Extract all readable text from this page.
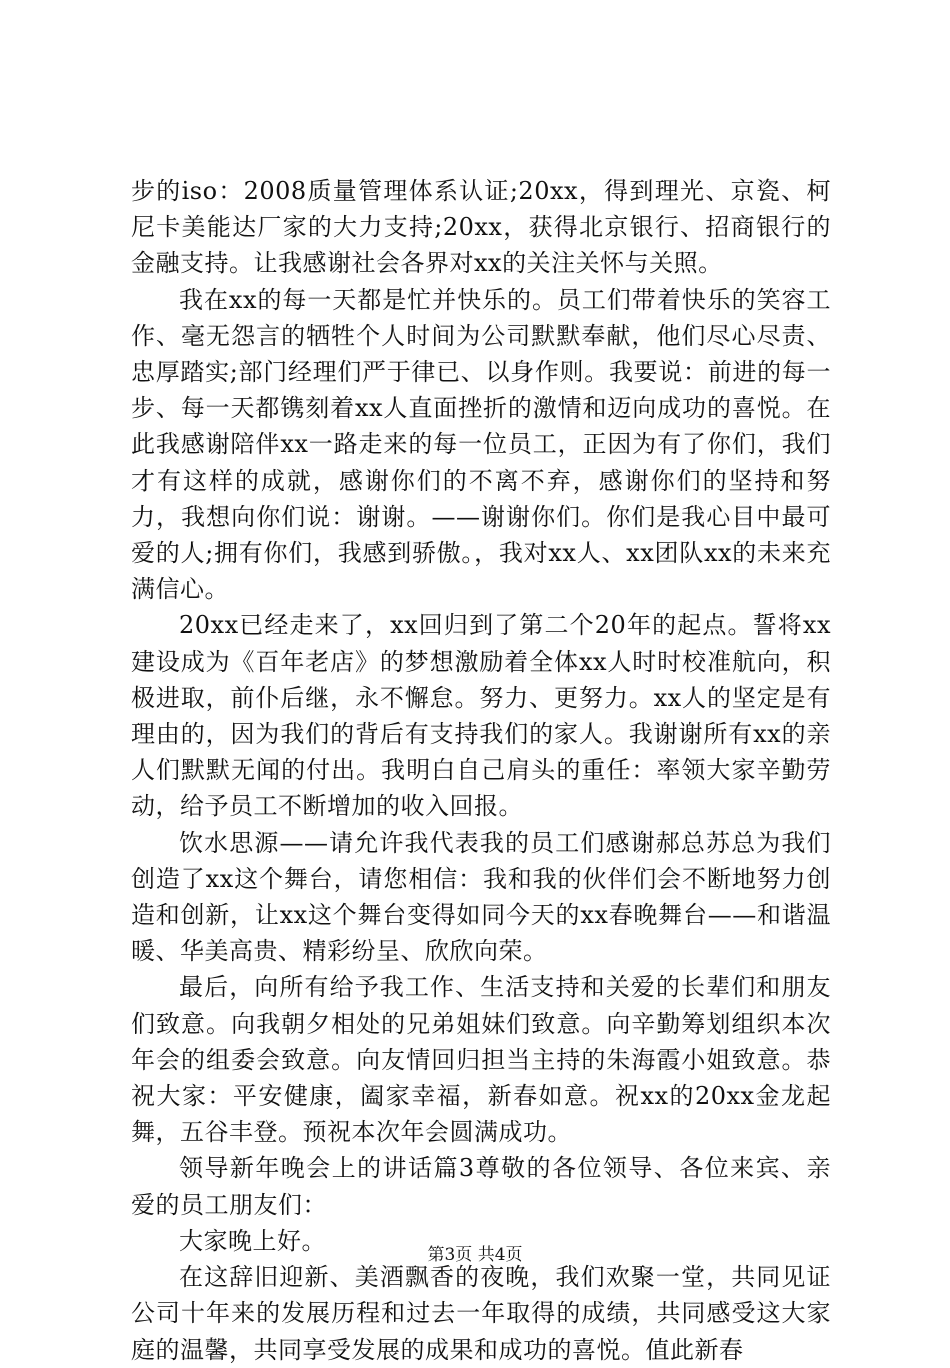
步的iso：2008质量管理体系认证;20xx，得到理光、京瓷、柯尼卡美能达厂家的大力支持;20xx，获得北京银行、招商银行的金融支持。让我感谢社会各界对xx的关注关怀与关照。

我在xx的每一天都是忙并快乐的。员工们带着快乐的笑容工作、毫无怨言的牺牲个人时间为公司默默奉献，他们尽心尽责、忠厚踏实;部门经理们严于律已、以身作则。我要说：前进的每一步、每一天都镌刻着xx人直面挫折的激情和迈向成功的喜悦。在此我感谢陪伴xx一路走来的每一位员工，正因为有了你们，我们才有这样的成就，感谢你们的不离不弃，感谢你们的坚持和努力，我想向你们说：谢谢。——谢谢你们。你们是我心目中最可爱的人;拥有你们，我感到骄傲。，我对xx人、xx团队xx的未来充满信心。

20xx已经走来了，xx回归到了第二个20年的起点。誓将xx建设成为《百年老店》的梦想激励着全体xx人时时校准航向，积极进取，前仆后继，永不懈怠。努力、更努力。xx人的坚定是有理由的，因为我们的背后有支持我们的家人。我谢谢所有xx的亲人们默默无闻的付出。我明白自己肩头的重任：率领大家辛勤劳动，给予员工不断增加的收入回报。

饮水思源——请允许我代表我的员工们感谢郝总苏总为我们创造了xx这个舞台，请您相信：我和我的伙伴们会不断地努力创造和创新，让xx这个舞台变得如同今天的xx春晚舞台——和谐温暖、华美高贵、精彩纷呈、欣欣向荣。

最后，向所有给予我工作、生活支持和关爱的长辈们和朋友们致意。向我朝夕相处的兄弟姐妹们致意。向辛勤筹划组织本次年会的组委会致意。向友情回归担当主持的朱海霞小姐致意。恭祝大家：平安健康，阖家幸福，新春如意。祝xx的20xx金龙起舞，五谷丰登。预祝本次年会圆满成功。

领导新年晚会上的讲话篇3尊敬的各位领导、各位来宾、亲爱的员工朋友们：

大家晚上好。

在这辞旧迎新、美酒飘香的夜晚，我们欢聚一堂，共同见证公司十年来的发展历程和过去一年取得的成绩，共同感受这大家庭的温馨，共同享受发展的成果和成功的喜悦。值此新春

第3页 共4页
